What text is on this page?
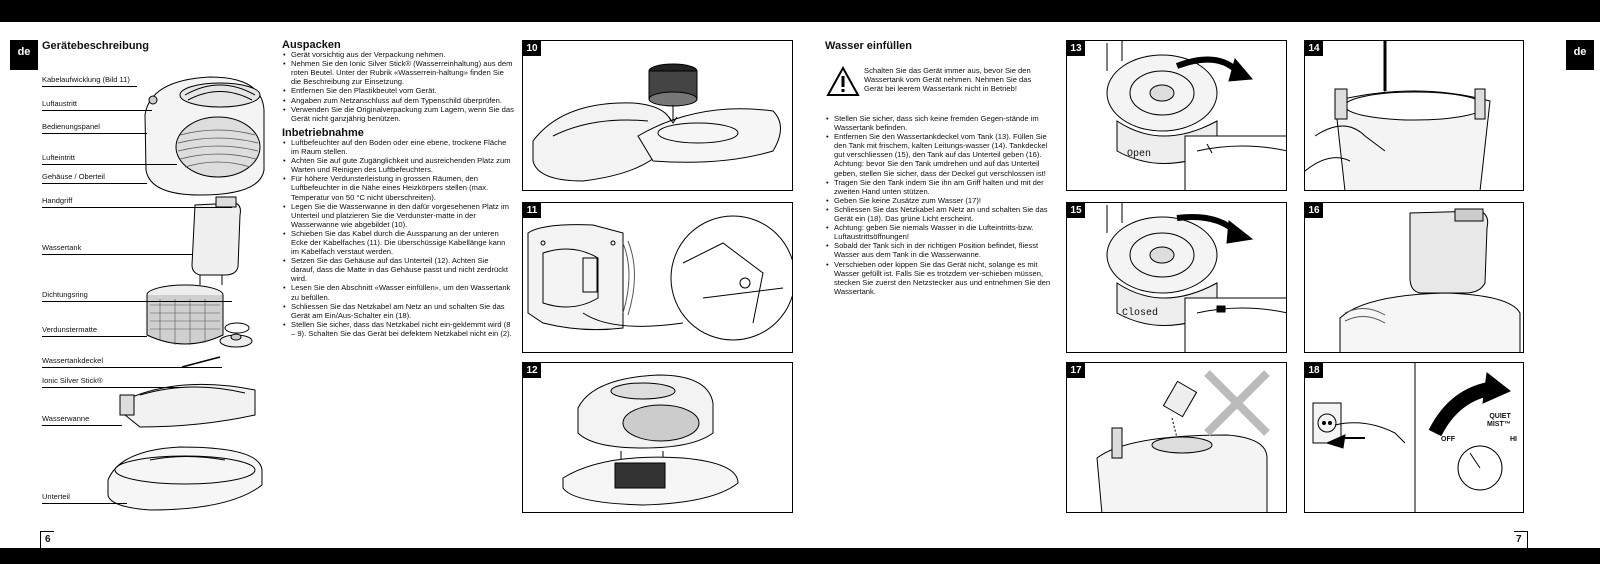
de	Gerätebeschreibung
Kabelaufwicklung (Bild 11)
Luftaustritt
Bedienungspanel
Lufteintritt
Gehäuse / Oberteil
Handgriff
Wassertank
Dichtungsring
Verdunstermatte
Wassertankdeckel
Ionic Silver Stick®
Wasserwanne
Unterteil
6
Auspacken
• Gerät vorsichtig aus der Verpackung nehmen.
• Nehmen Sie den Ionic Silver Stick® (Wasserreinhaltung) aus dem roten Beutel. Unter der Rubrik «Wasserrein-haltung» finden Sie die Beschreibung zur Einsetzung.
• Entfernen Sie den Plastikbeutel vom Gerät.
• Angaben zum Netzanschluss auf dem Typenschild überprüfen.
• Verwenden Sie die Originalverpackung zum Lagern, wenn Sie das Gerät nicht ganzjährig benützen.
Inbetriebnahme
• Luftbefeuchter auf den Boden oder eine ebene, trockene Fläche im Raum stellen.
• Achten Sie auf gute Zugänglichkeit und ausreichenden Platz zum Warten und Reinigen des Luftbefeuchters.
• Für höhere Verdunsterleistung in grossen Räumen, den Luftbefeuchter in die Nähe eines Heizkörpers stellen (max. Temperatur von 50 °C nicht überschreiten).
• Legen Sie die Wasserwanne in den dafür vorgesehenen Platz im Unterteil und platzieren Sie die Verdunster-matte in der Wasserwanne wie abgebildet (10).
• Schieben Sie das Kabel durch die Aussparung an der unteren Ecke der Kabelfaches (11). Die überschüssige Kabellänge kann im Kabelfach verstaut werden.
• Setzen Sie das Gehäuse auf das Unterteil (12). Achten Sie darauf, dass die Matte in das Gehäuse passt und nicht zerdrückt wird.
• Lesen Sie den Abschnitt «Wasser einfüllen», um den Wassertank zu befüllen.
• Schliessen Sie das Netzkabel am Netz an und schalten Sie das Gerät am Ein/Aus-Schalter ein (18).
• Stellen Sie sicher, dass das Netzkabel nicht ein-geklemmt wird (8 – 9). Schalten Sie das Gerät bei defektem Netzkabel nicht ein (2).
10
11
12
Wasser einfüllen
Schalten Sie das Gerät immer aus, bevor Sie den Wassertank vom Gerät nehmen. Nehmen Sie das Gerät bei leerem Wassertank nicht in Betrieb!
• Stellen Sie sicher, dass sich keine fremden Gegen-stände im Wassertank befinden.
• Entfernen Sie den Wassertankdeckel vom Tank (13). Füllen Sie den Tank mit frischem, kalten Leitungs-wasser (14). Tankdeckel gut verschliessen (15), den Tank auf das Unterteil geben (16). Achtung: bevor Sie den Tank umdrehen und auf das Unterteil geben, stellen Sie sicher, dass der Deckel gut verschlossen ist!
• Tragen Sie den Tank indem Sie ihn am Griff halten und mit der zweiten Hand unten stützen.
• Geben Sie keine Zusätze zum Wasser (17)!
• Schliessen Sie das Netzkabel am Netz an und schalten Sie das Gerät ein (18). Das grüne Licht erscheint.
• Achtung: geben Sie niemals Wasser in die Lufteintritts-bzw. Luftaustrittsöffnungen!
• Sobald der Tank sich in der richtigen Position befindet, fliesst Wasser aus dem Tank in die Wasserwanne.
• Verschieben oder kippen Sie das Gerät nicht, solange es mit Wasser gefüllt ist. Falls Sie es trotzdem ver-schieben müssen, stecken Sie zuerst den Netzstecker aus und entnehmen Sie den Wassertank.
13
Open
14
15
Closed
16
17	18
QUIET
MIST™
OFF	HI
de
7
